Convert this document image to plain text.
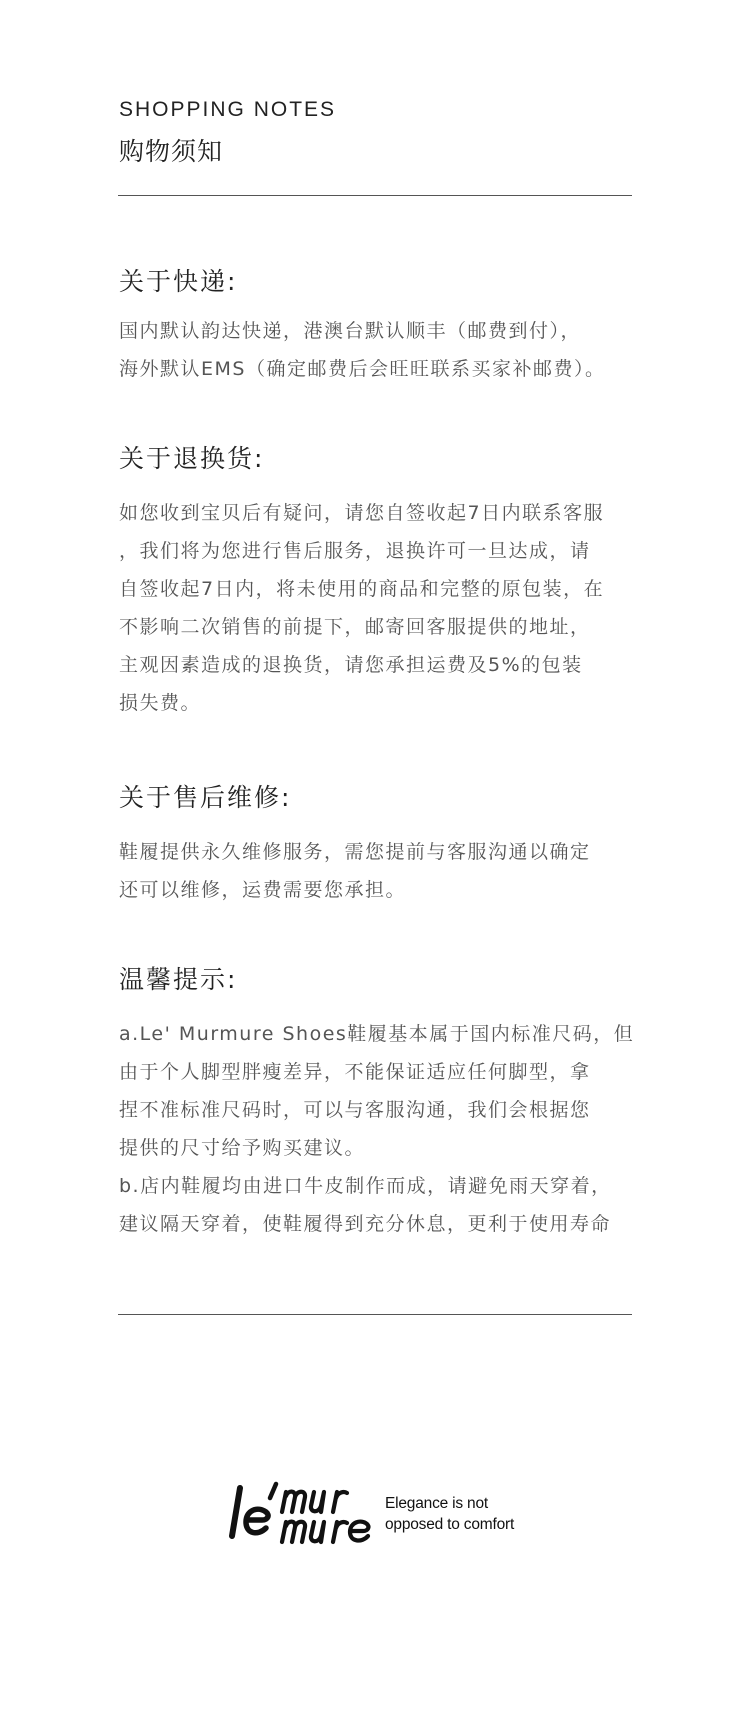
SHOPPING NOTES
购物须知
关于快递:

国内默认韵达快递，港澳台默认顺丰（邮费到付），
海外默认EMS（确定邮费后会旺旺联系买家补邮费）。

关于退换货:

如您收到宝贝后有疑问，请您自签收起7日内联系客服
，我们将为您进行售后服务，退换许可一旦达成，请
自签收起7日内，将未使用的商品和完整的原包装，在
不影响二次销售的前提下，邮寄回客服提供的地址，
主观因素造成的退换货，请您承担运费及5%的包装
损失费。

关于售后维修:

鞋履提供永久维修服务，需您提前与客服沟通以确定
还可以维修，运费需要您承担。

温馨提示:

a.Le' Murmure Shoes鞋履基本属于国内标准尺码，但
由于个人脚型胖瘦差异，不能保证适应任何脚型，拿
捏不准标准尺码时，可以与客服沟通，我们会根据您
提供的尺寸给予购买建议。
b.店内鞋履均由进口牛皮制作而成，请避免雨天穿着，
建议隔天穿着，使鞋履得到充分休息，更利于使用寿命

Elegance is not
opposed to comfort
